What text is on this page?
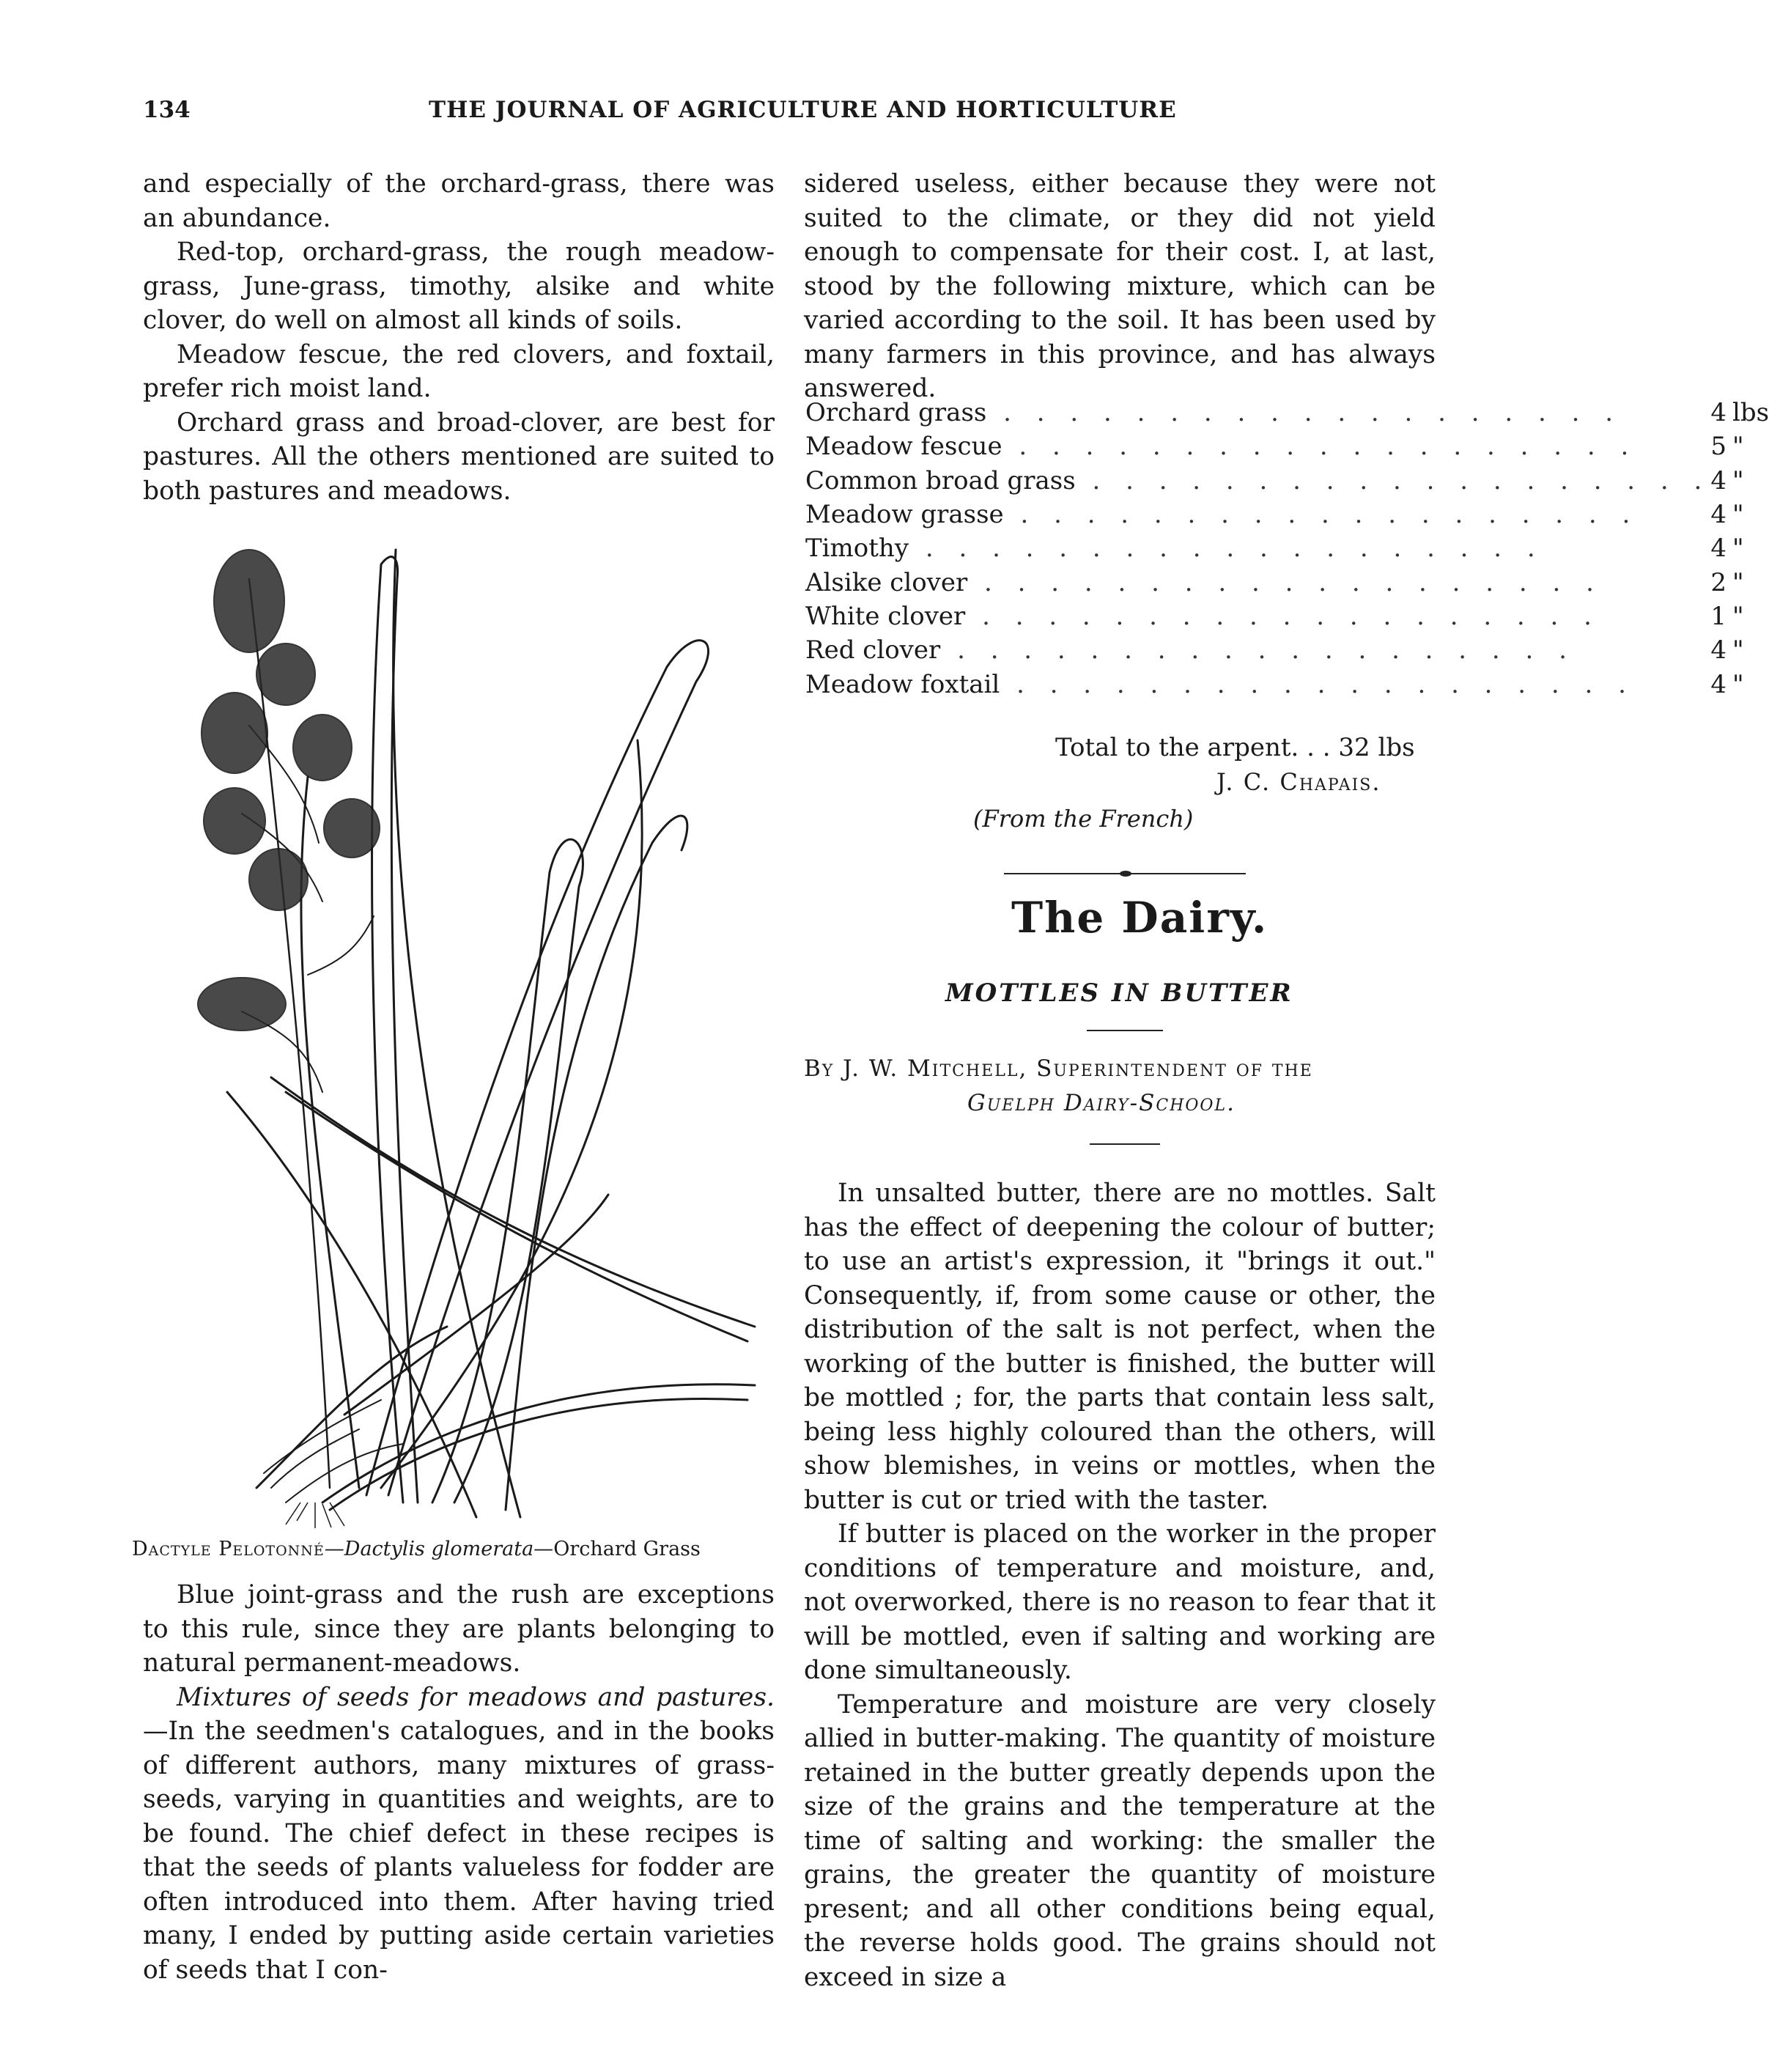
134	THE JOURNAL OF AGRICULTURE AND HORTICULTURE

and especially of the orchard-grass, there was an abundance.

Red-top, orchard-grass, the rough meadow-grass, June-grass, timothy, alsike and white clover, do well on almost all kinds of soils.

Meadow fescue, the red clovers, and foxtail, prefer rich moist land.

Orchard grass and broad-clover, are best for pastures. All the others mentioned are suited to both pastures and meadows.

Dactyle Pelotonné—Dactylis glomerata—Orchard Grass

Blue joint-grass and the rush are exceptions to this rule, since they are plants belonging to natural permanent-meadows.

Mixtures of seeds for meadows and pastures.—In the seedmen's catalogues, and in the books of different authors, many mixtures of grass-seeds, varying in quantities and weights, are to be found. The chief defect in these recipes is that the seeds of plants valueless for fodder are often introduced into them. After having tried many, I ended by putting aside certain varieties of seeds that I con-

sidered useless, either because they were not suited to the climate, or they did not yield enough to compensate for their cost. I, at last, stood by the following mixture, which can be varied according to the soil. It has been used by many farmers in this province, and has always answered.

Orchard grass . . . . . . . . . . . . . . . . . . .	4	lbs
Meadow fescue . . . . . . . . . . . . . . . . . . .	5	"
Common broad grass . . . . . . . . . . . . . . . . . . .	4	"
Meadow grasse . . . . . . . . . . . . . . . . . . .	4	"
Timothy . . . . . . . . . . . . . . . . . . .	4	"
Alsike clover . . . . . . . . . . . . . . . . . . .	2	"
White clover . . . . . . . . . . . . . . . . . . .	1	"
Red clover . . . . . . . . . . . . . . . . . . .	4	"
Meadow foxtail . . . . . . . . . . . . . . . . . . .	4	"
Total to the arpent. . . 32 lbs
J. C. Chapais.
(From the French)
The Dairy.
MOTTLES IN BUTTER
By J. W. Mitchell, Superintendent of the
Guelph Dairy-School.

In unsalted butter, there are no mottles. Salt has the effect of deepening the colour of butter; to use an artist's expression, it "brings it out." Consequently, if, from some cause or other, the distribution of the salt is not perfect, when the working of the butter is finished, the butter will be mottled ; for, the parts that contain less salt, being less highly coloured than the others, will show blemishes, in veins or mottles, when the butter is cut or tried with the taster.

If butter is placed on the worker in the proper conditions of temperature and moisture, and, not overworked, there is no reason to fear that it will be mottled, even if salting and working are done simultaneously.

Temperature and moisture are very closely allied in butter-making. The quantity of moisture retained in the butter greatly depends upon the size of the grains and the temperature at the time of salting and working: the smaller the grains, the greater the quantity of moisture present; and all other conditions being equal, the reverse holds good. The grains should not exceed in size a
